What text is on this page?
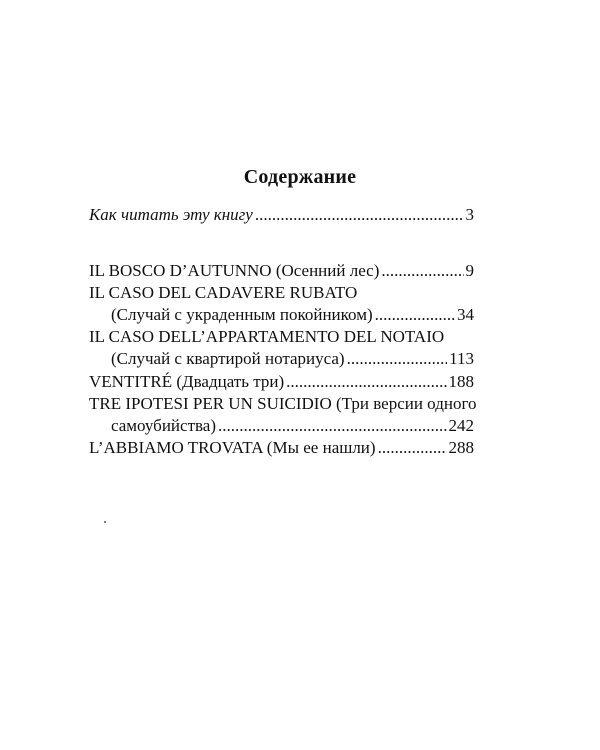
Содержание
Как читать эту книгу .....	3
IL BOSCO D’AUTUNNO (Осенний лес) .....	9
IL CASO DEL CADAVERE RUBATO
(Случай с украденным покойником) .....	34
IL CASO DELL’APPARTAMENTO DEL NOTAIO
(Случай с квартирой нотариуса) .....	113
VENTITRÉ (Двадцать три) .....	188
TRE IPOTESI PER UN SUICIDIO (Три версии одного
самоубийства) .....	242
L’ABBIAMO TROVATA (Мы ее нашли) .....	288
